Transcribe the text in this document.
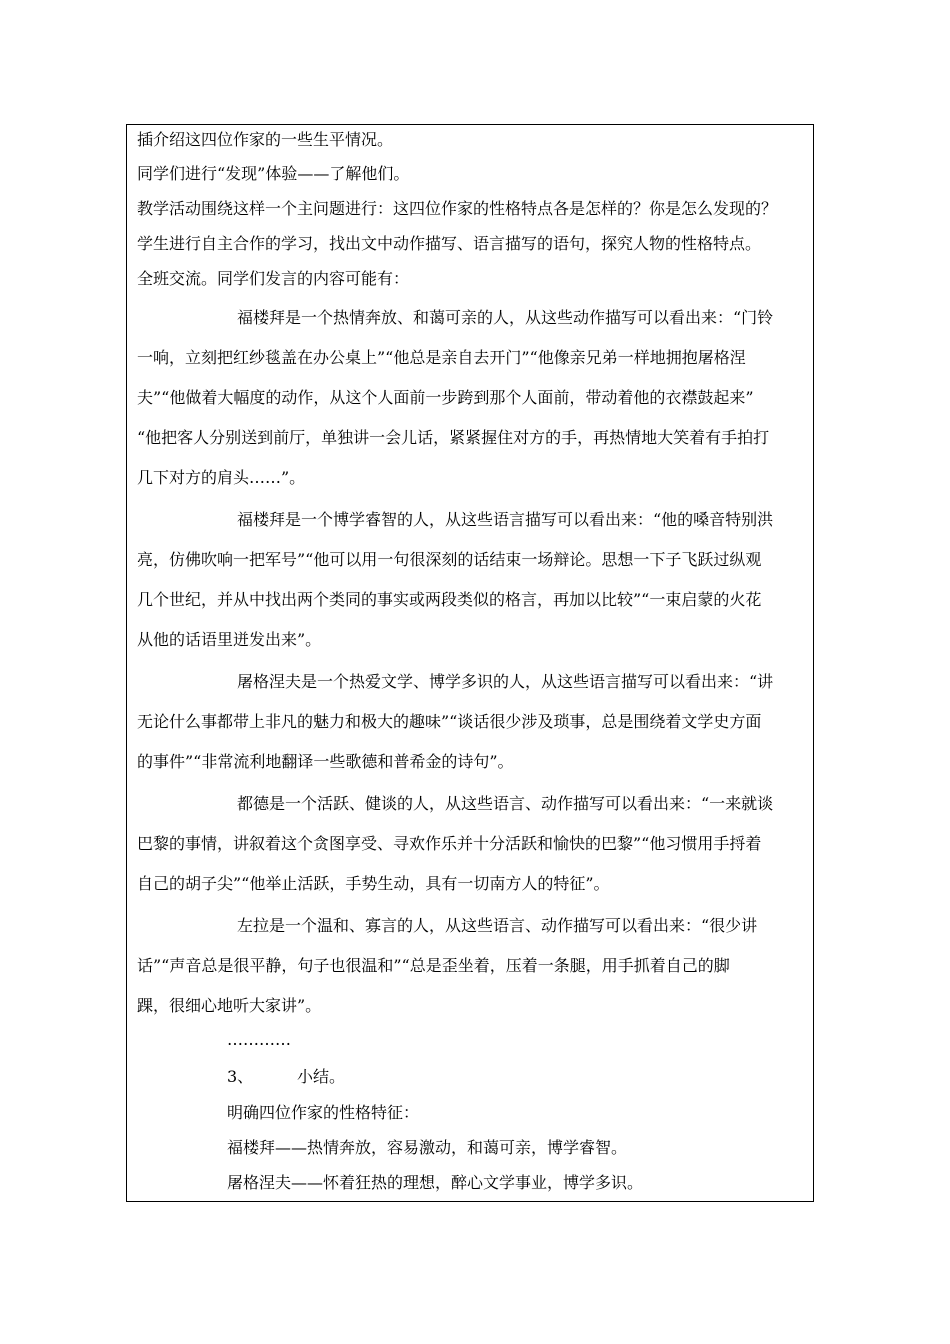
插介绍这四位作家的一些生平情况。

同学们进行“发现”体验——了解他们。

教学活动围绕这样一个主问题进行：这四位作家的性格特点各是怎样的？你是怎么发现的？

学生进行自主合作的学习，找出文中动作描写、语言描写的语句，探究人物的性格特点。

全班交流。同学们发言的内容可能有：

福楼拜是一个热情奔放、和蔼可亲的人，从这些动作描写可以看出来：“门铃

一响，立刻把红纱毯盖在办公桌上”“他总是亲自去开门”“他像亲兄弟一样地拥抱屠格涅

夫”“他做着大幅度的动作，从这个人面前一步跨到那个人面前，带动着他的衣襟鼓起来”

“他把客人分别送到前厅，单独讲一会儿话，紧紧握住对方的手，再热情地大笑着有手拍打

几下对方的肩头……”。

福楼拜是一个博学睿智的人，从这些语言描写可以看出来：“他的嗓音特别洪

亮，仿佛吹响一把军号”“他可以用一句很深刻的话结束一场辩论。思想一下子飞跃过纵观

几个世纪，并从中找出两个类同的事实或两段类似的格言，再加以比较”“一束启蒙的火花

从他的话语里迸发出来”。

屠格涅夫是一个热爱文学、博学多识的人，从这些语言描写可以看出来：“讲

无论什么事都带上非凡的魅力和极大的趣味”“谈话很少涉及琐事，总是围绕着文学史方面

的事件”“非常流利地翻译一些歌德和普希金的诗句”。

都德是一个活跃、健谈的人，从这些语言、动作描写可以看出来：“一来就谈

巴黎的事情，讲叙着这个贪图享受、寻欢作乐并十分活跃和愉快的巴黎”“他习惯用手捋着

自己的胡子尖”“他举止活跃，手势生动，具有一切南方人的特征”。

左拉是一个温和、寡言的人，从这些语言、动作描写可以看出来：“很少讲

话”“声音总是很平静，句子也很温和”“总是歪坐着，压着一条腿，用手抓着自己的脚

踝，很细心地听大家讲”。

…………

3、	小结。

明确四位作家的性格特征：

福楼拜——热情奔放，容易激动，和蔼可亲，博学睿智。

屠格涅夫——怀着狂热的理想，醉心文学事业，博学多识。
